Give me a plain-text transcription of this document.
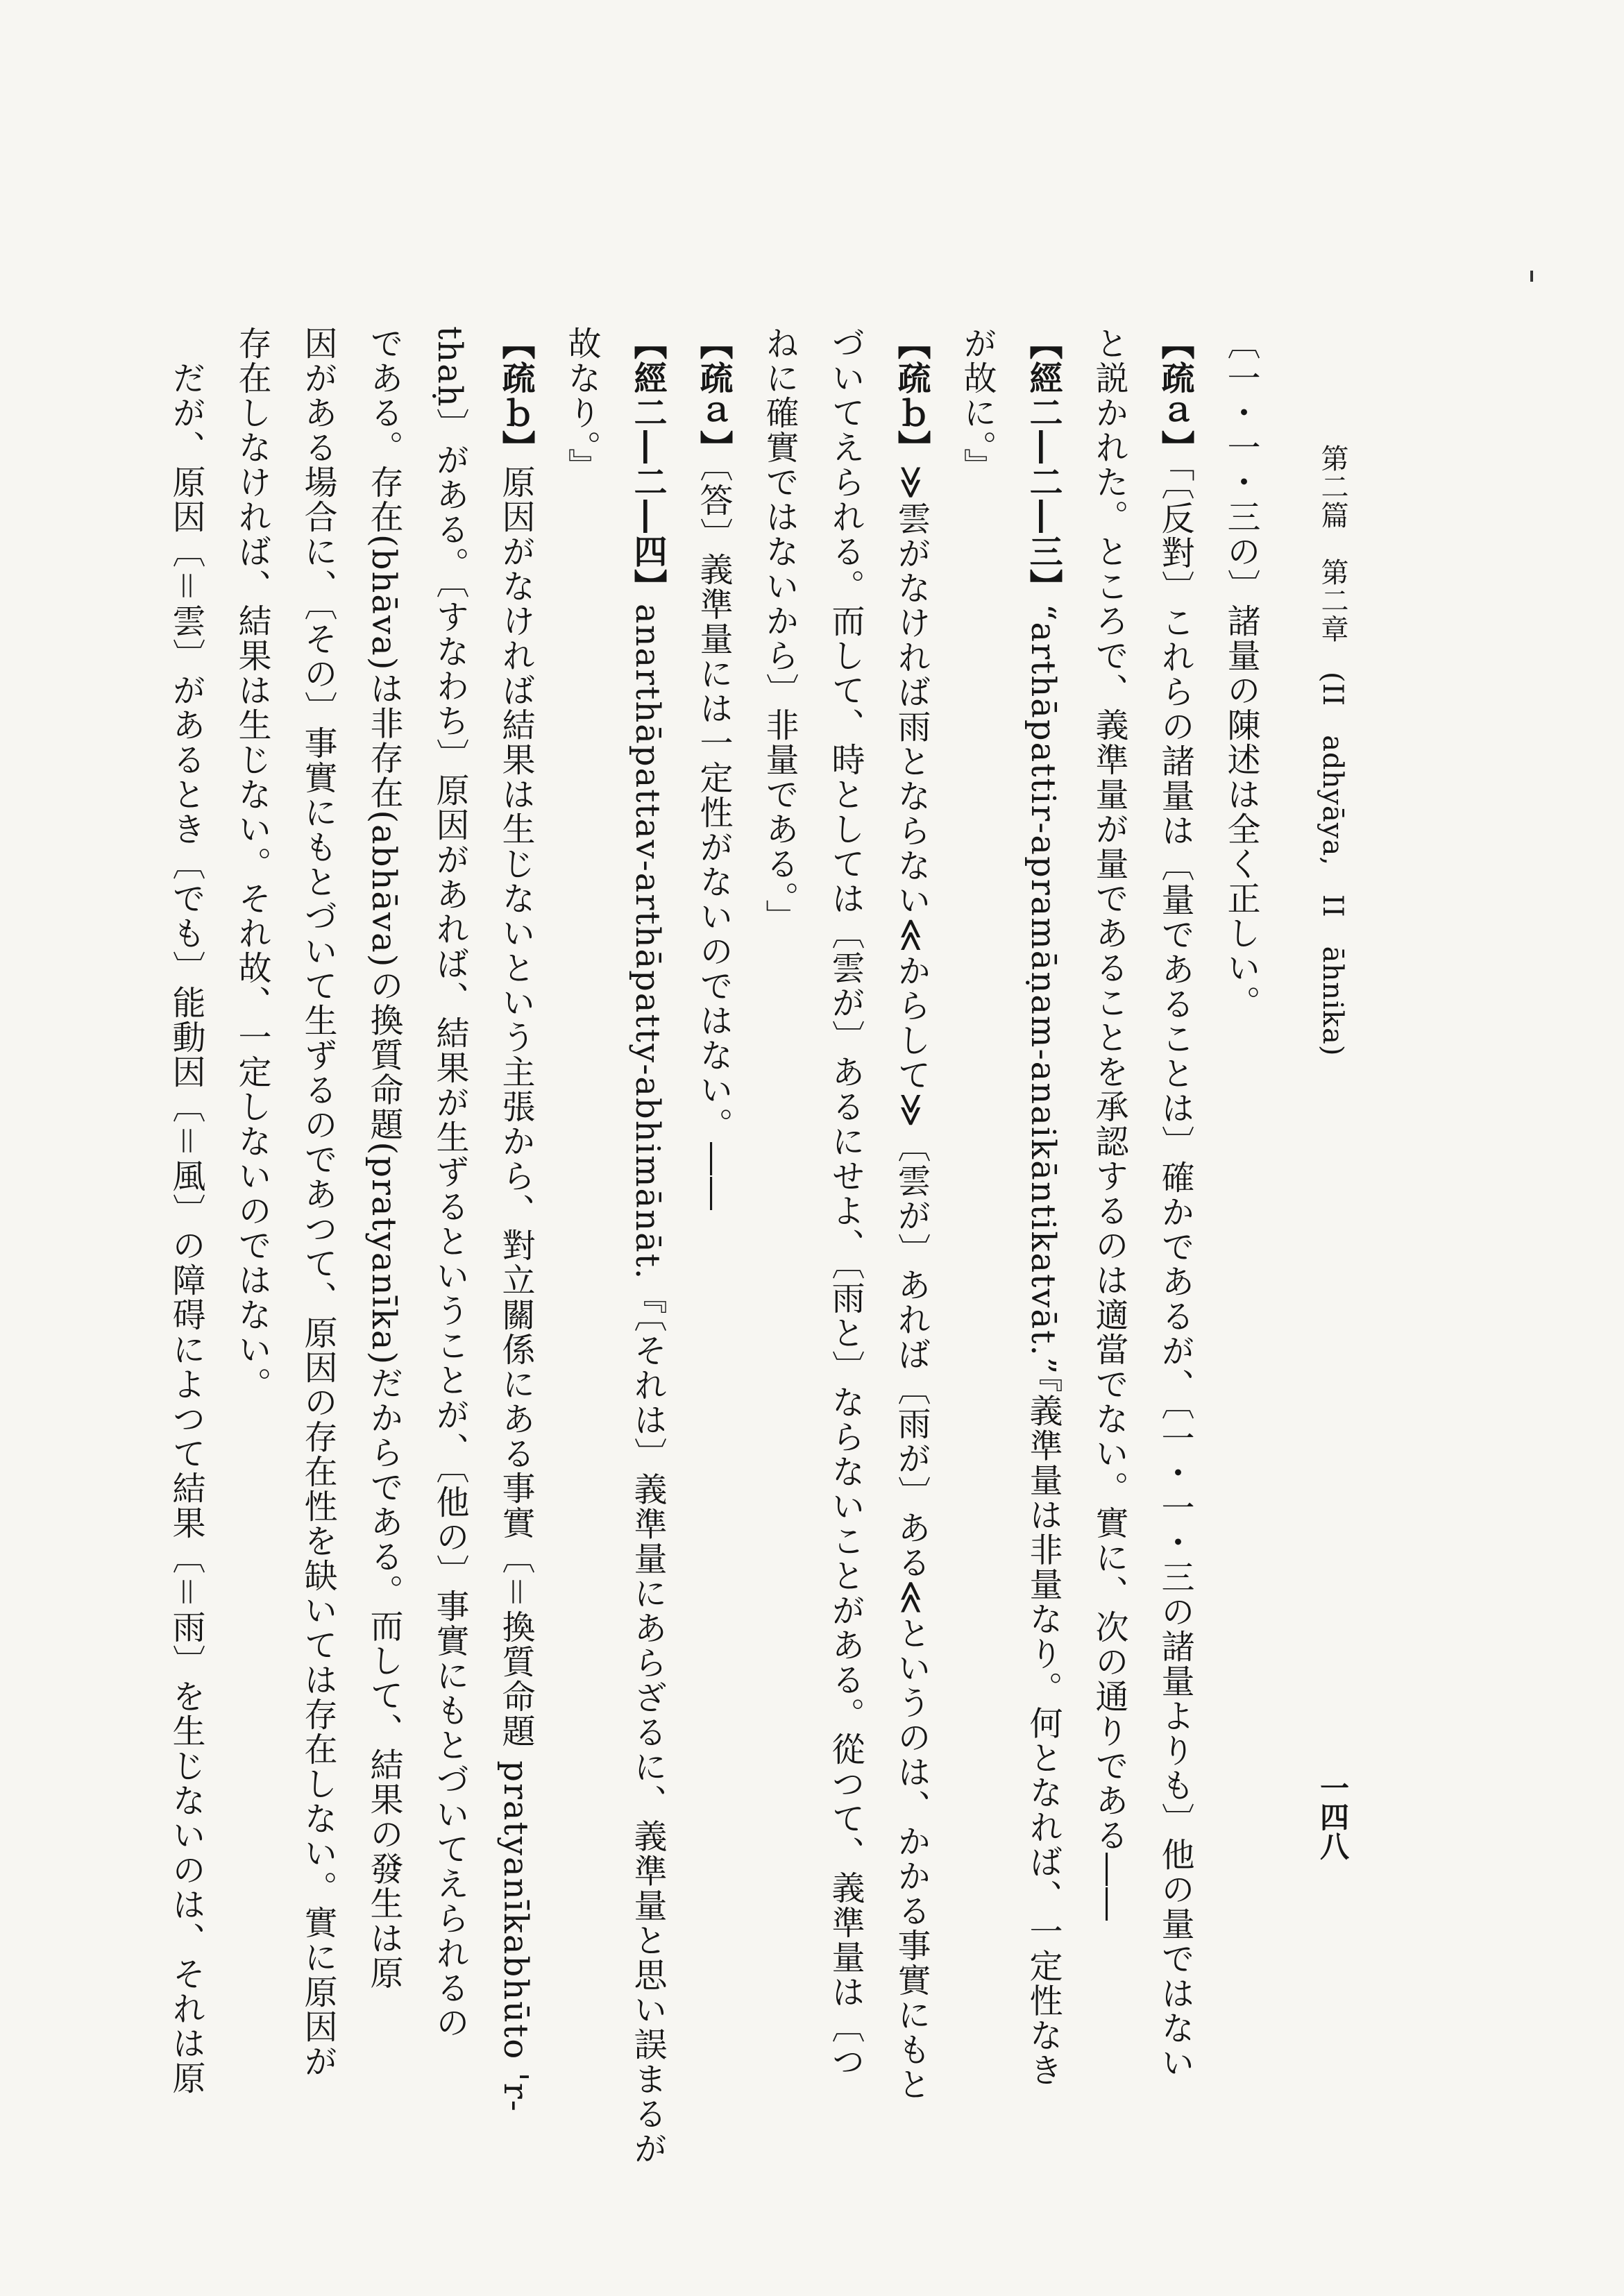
第二篇　第二章　(II　adhyāya,　II　āhnika)
一四八
〔一・一・三の〕諸量の陳述は全く正しい。
【疏ａ】「〔反對〕これらの諸量は〔量であることは〕確かであるが、〔一・一・三の諸量よりも〕他の量ではない
と説かれた。ところで、義準量が量であることを承認するのは適當でない。實に、次の通りである――
【經二―二―三】“arthāpattir-apramāṇam-anaikāntikatvāt.”『義準量は非量なり。何となれば、一定性なき
が故に。』
【疏ｂ】≫雲がなければ雨とならない≪からして≫〔雲が〕あれば〔雨が〕ある≪というのは、かかる事實にもと
づいてえられる。而して、時としては〔雲が〕あるにせよ、〔雨と〕ならないことがある。從つて、義準量は〔つ
ねに確實ではないから〕非量である。」
【疏ａ】〔答〕義準量には一定性がないのではない。――
【經二―二―四】anarthāpattav-arthāpatty-abhimānāt.『〔それは〕義準量にあらざるに、義準量と思い誤まるが
故なり。』
【疏ｂ】原因がなければ結果は生じないという主張から、對立關係にある事實〔＝換質命題 pratyanīkabhūto 'r-
thaḥ〕がある。〔すなわち〕原因があれば、結果が生ずるということが、〔他の〕事實にもとづいてえられるの
である。存在(bhāva)は非存在(abhāva)の換質命題(pratyanīka)だからである。而して、結果の發生は原
因がある場合に、〔その〕事實にもとづいて生ずるのであつて、原因の存在性を缺いては存在しない。實に原因が
存在しなければ、結果は生じない。それ故、一定しないのではない。
　だが、原因〔＝雲〕があるとき〔でも〕能動因〔＝風〕の障碍によつて結果〔＝雨〕を生じないのは、それは原
